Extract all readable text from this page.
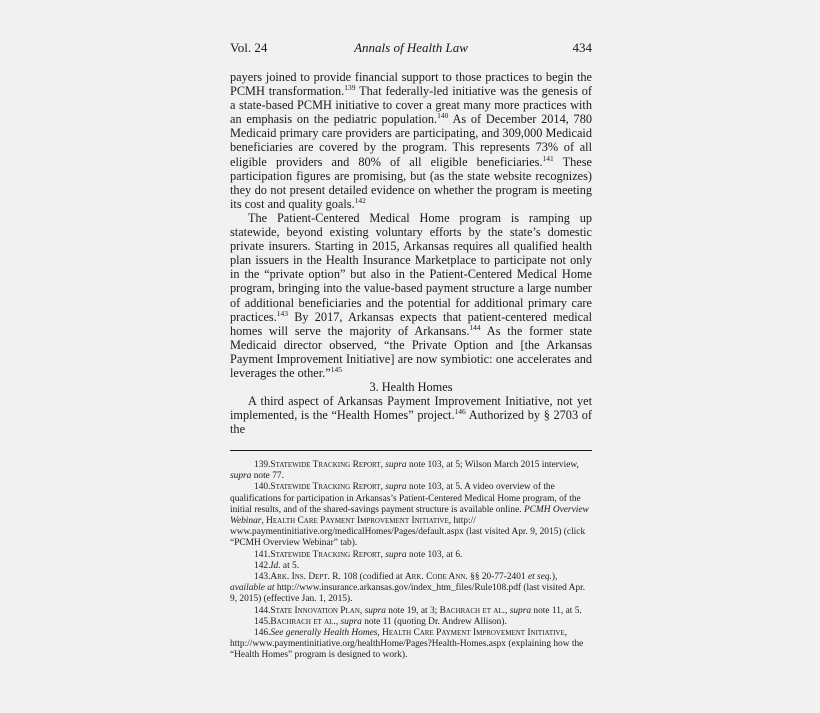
Vol. 24	Annals of Health Law	434

payers joined to provide financial support to those practices to begin the PCMH transformation.$^{139}$ That federally-led initiative was the genesis of a state-based PCMH initiative to cover a great many more practices with an emphasis on the pediatric population.$^{140}$ As of December 2014, 780 Medicaid primary care providers are participating, and 309,000 Medicaid beneficiaries are covered by the program. This represents 73% of all eligible providers and 80% of all eligible beneficiaries.$^{141}$ These participation figures are promising, but (as the state website recognizes) they do not present detailed evidence on whether the program is meeting its cost and quality goals.$^{142}$

The Patient-Centered Medical Home program is ramping up statewide, beyond existing voluntary efforts by the state’s domestic private insurers. Starting in 2015, Arkansas requires all qualified health plan issuers in the Health Insurance Marketplace to participate not only in the “private option” but also in the Patient-Centered Medical Home program, bringing into the value-based payment structure a large number of additional beneficiaries and the potential for additional primary care practices.$^{143}$ By 2017, Arkansas expects that patient-centered medical homes will serve the majority of Arkansans.$^{144}$ As the former state Medicaid director observed, “the Private Option and [the Arkansas Payment Improvement Initiative] are now symbiotic: one accelerates and leverages the other.”$^{145}$

3. Health Homes

A third aspect of Arkansas Payment Improvement Initiative, not yet implemented, is the “Health Homes” project.$^{146}$ Authorized by § 2703 of the

139.Statewide Tracking Report, supra note 103, at 5; Wilson March 2015 interview, supra note 77.

140.Statewide Tracking Report, supra note 103, at 5. A video overview of the qualifications for participation in Arkansas’s Patient-Centered Medical Home program, of the initial results, and of the shared-savings payment structure is available online. PCMH Overview Webinar, Health Care Payment Improvement Initiative, http:// www.paymentinitiative.org/medicalHomes/Pages/default.aspx (last visited Apr. 9, 2015) (click “PCMH Overview Webinar” tab).

141.Statewide Tracking Report, supra note 103, at 6.

142.Id. at 5.

143.Ark. Ins. Dept. R. 108 (codified at Ark. Code Ann. §§ 20-77-2401 et seq.), available at http://www.insurance.arkansas.gov/index_htm_files/Rule108.pdf (last visited Apr. 9, 2015) (effective Jan. 1, 2015).

144.State Innovation Plan, supra note 19, at 3; Bachrach et al., supra note 11, at 5.

145.Bachrach et al., supra note 11 (quoting Dr. Andrew Allison).

146.See generally Health Homes, Health Care Payment Improvement Initiative, http://www.paymentinitiative.org/healthHome/Pages?Health-Homes.aspx (explaining how the “Health Homes” program is designed to work).
